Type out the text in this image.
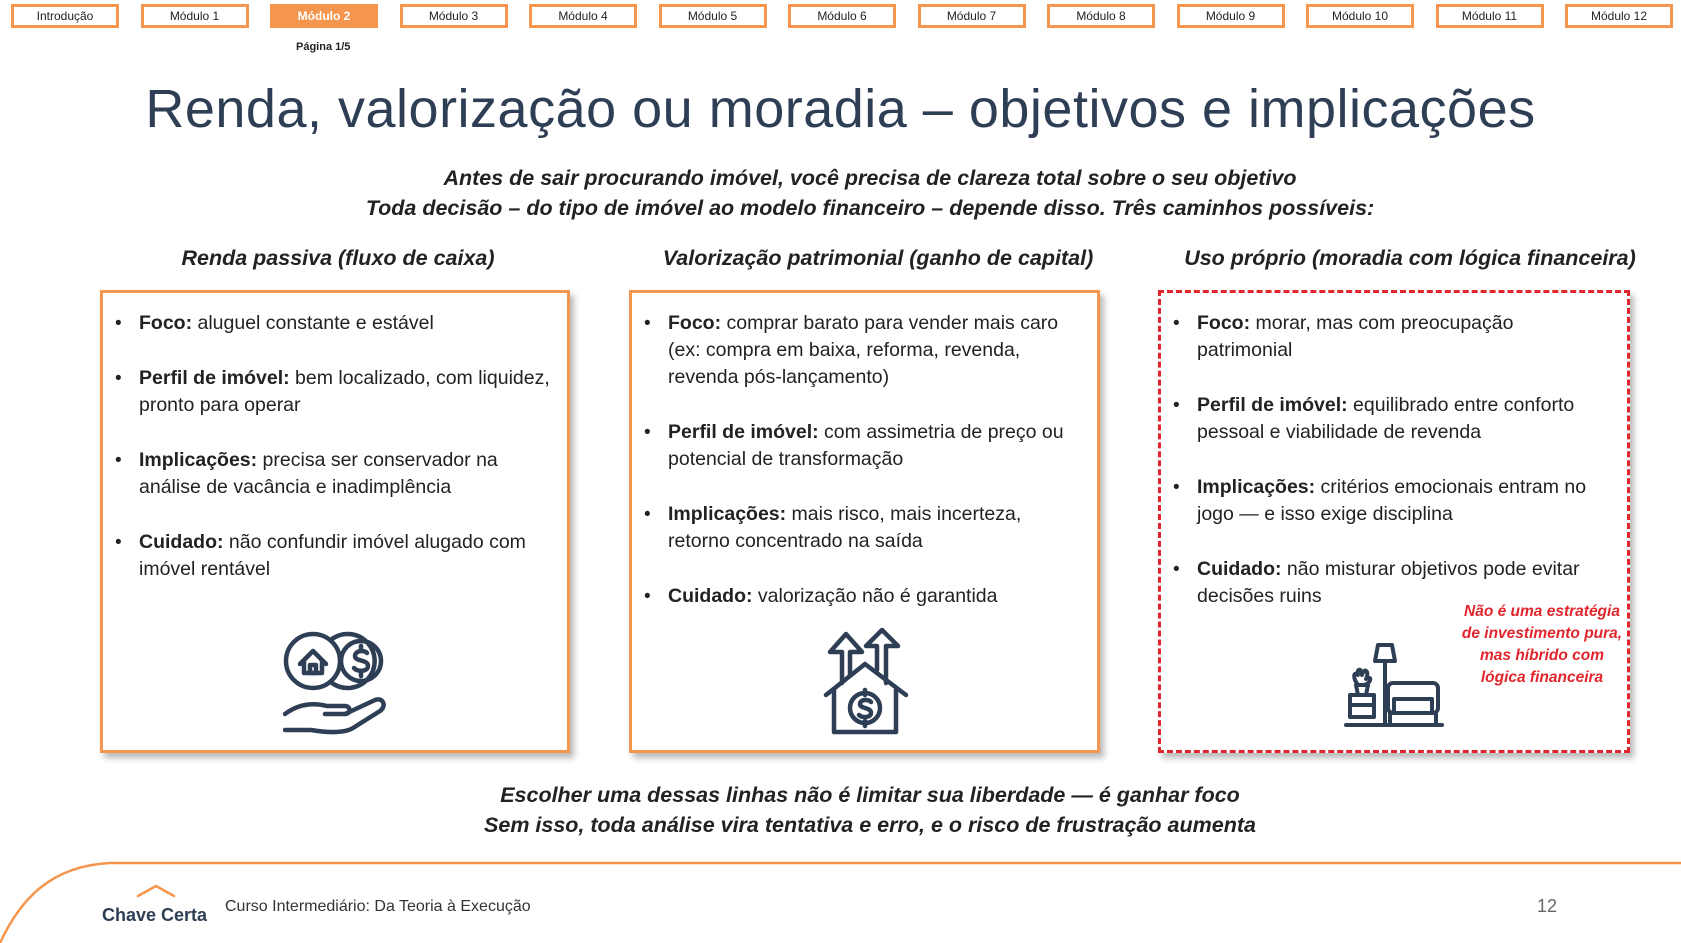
Introdução	Módulo 1	Módulo 2	Módulo 3	Módulo 4	Módulo 5	Módulo 6	Módulo 7	Módulo 8	Módulo 9	Módulo 10	Módulo 11	Módulo 12
Página 1/5
Renda, valorização ou moradia – objetivos e implicações
Antes de sair procurando imóvel, você precisa de clareza total sobre o seu objetivo
Toda decisão – do tipo de imóvel ao modelo financeiro – depende disso. Três caminhos possíveis:
Renda passiva (fluxo de caixa)	Valorização patrimonial (ganho de capital)	Uso próprio (moradia com lógica financeira)
• Foco: aluguel constante e estável
• Perfil de imóvel: bem localizado, com liquidez, pronto para operar
• Implicações: precisa ser conservador na análise de vacância e inadimplência
• Cuidado: não confundir imóvel alugado com imóvel rentável
• Foco: comprar barato para vender mais caro (ex: compra em baixa, reforma, revenda, revenda pós-lançamento)
• Perfil de imóvel: com assimetria de preço ou potencial de transformação
• Implicações: mais risco, mais incerteza, retorno concentrado na saída
• Cuidado: valorização não é garantida
• Foco: morar, mas com preocupação patrimonial
• Perfil de imóvel: equilibrado entre conforto pessoal e viabilidade de revenda
• Implicações: critérios emocionais entram no jogo — e isso exige disciplina
• Cuidado: não misturar objetivos pode evitar decisões ruins
Não é uma estratégia de investimento pura, mas híbrido com lógica financeira
Escolher uma dessas linhas não é limitar sua liberdade — é ganhar foco
Sem isso, toda análise vira tentativa e erro, e o risco de frustração aumenta
Chave Certa Curso Intermediário: Da Teoria à Execução	12
